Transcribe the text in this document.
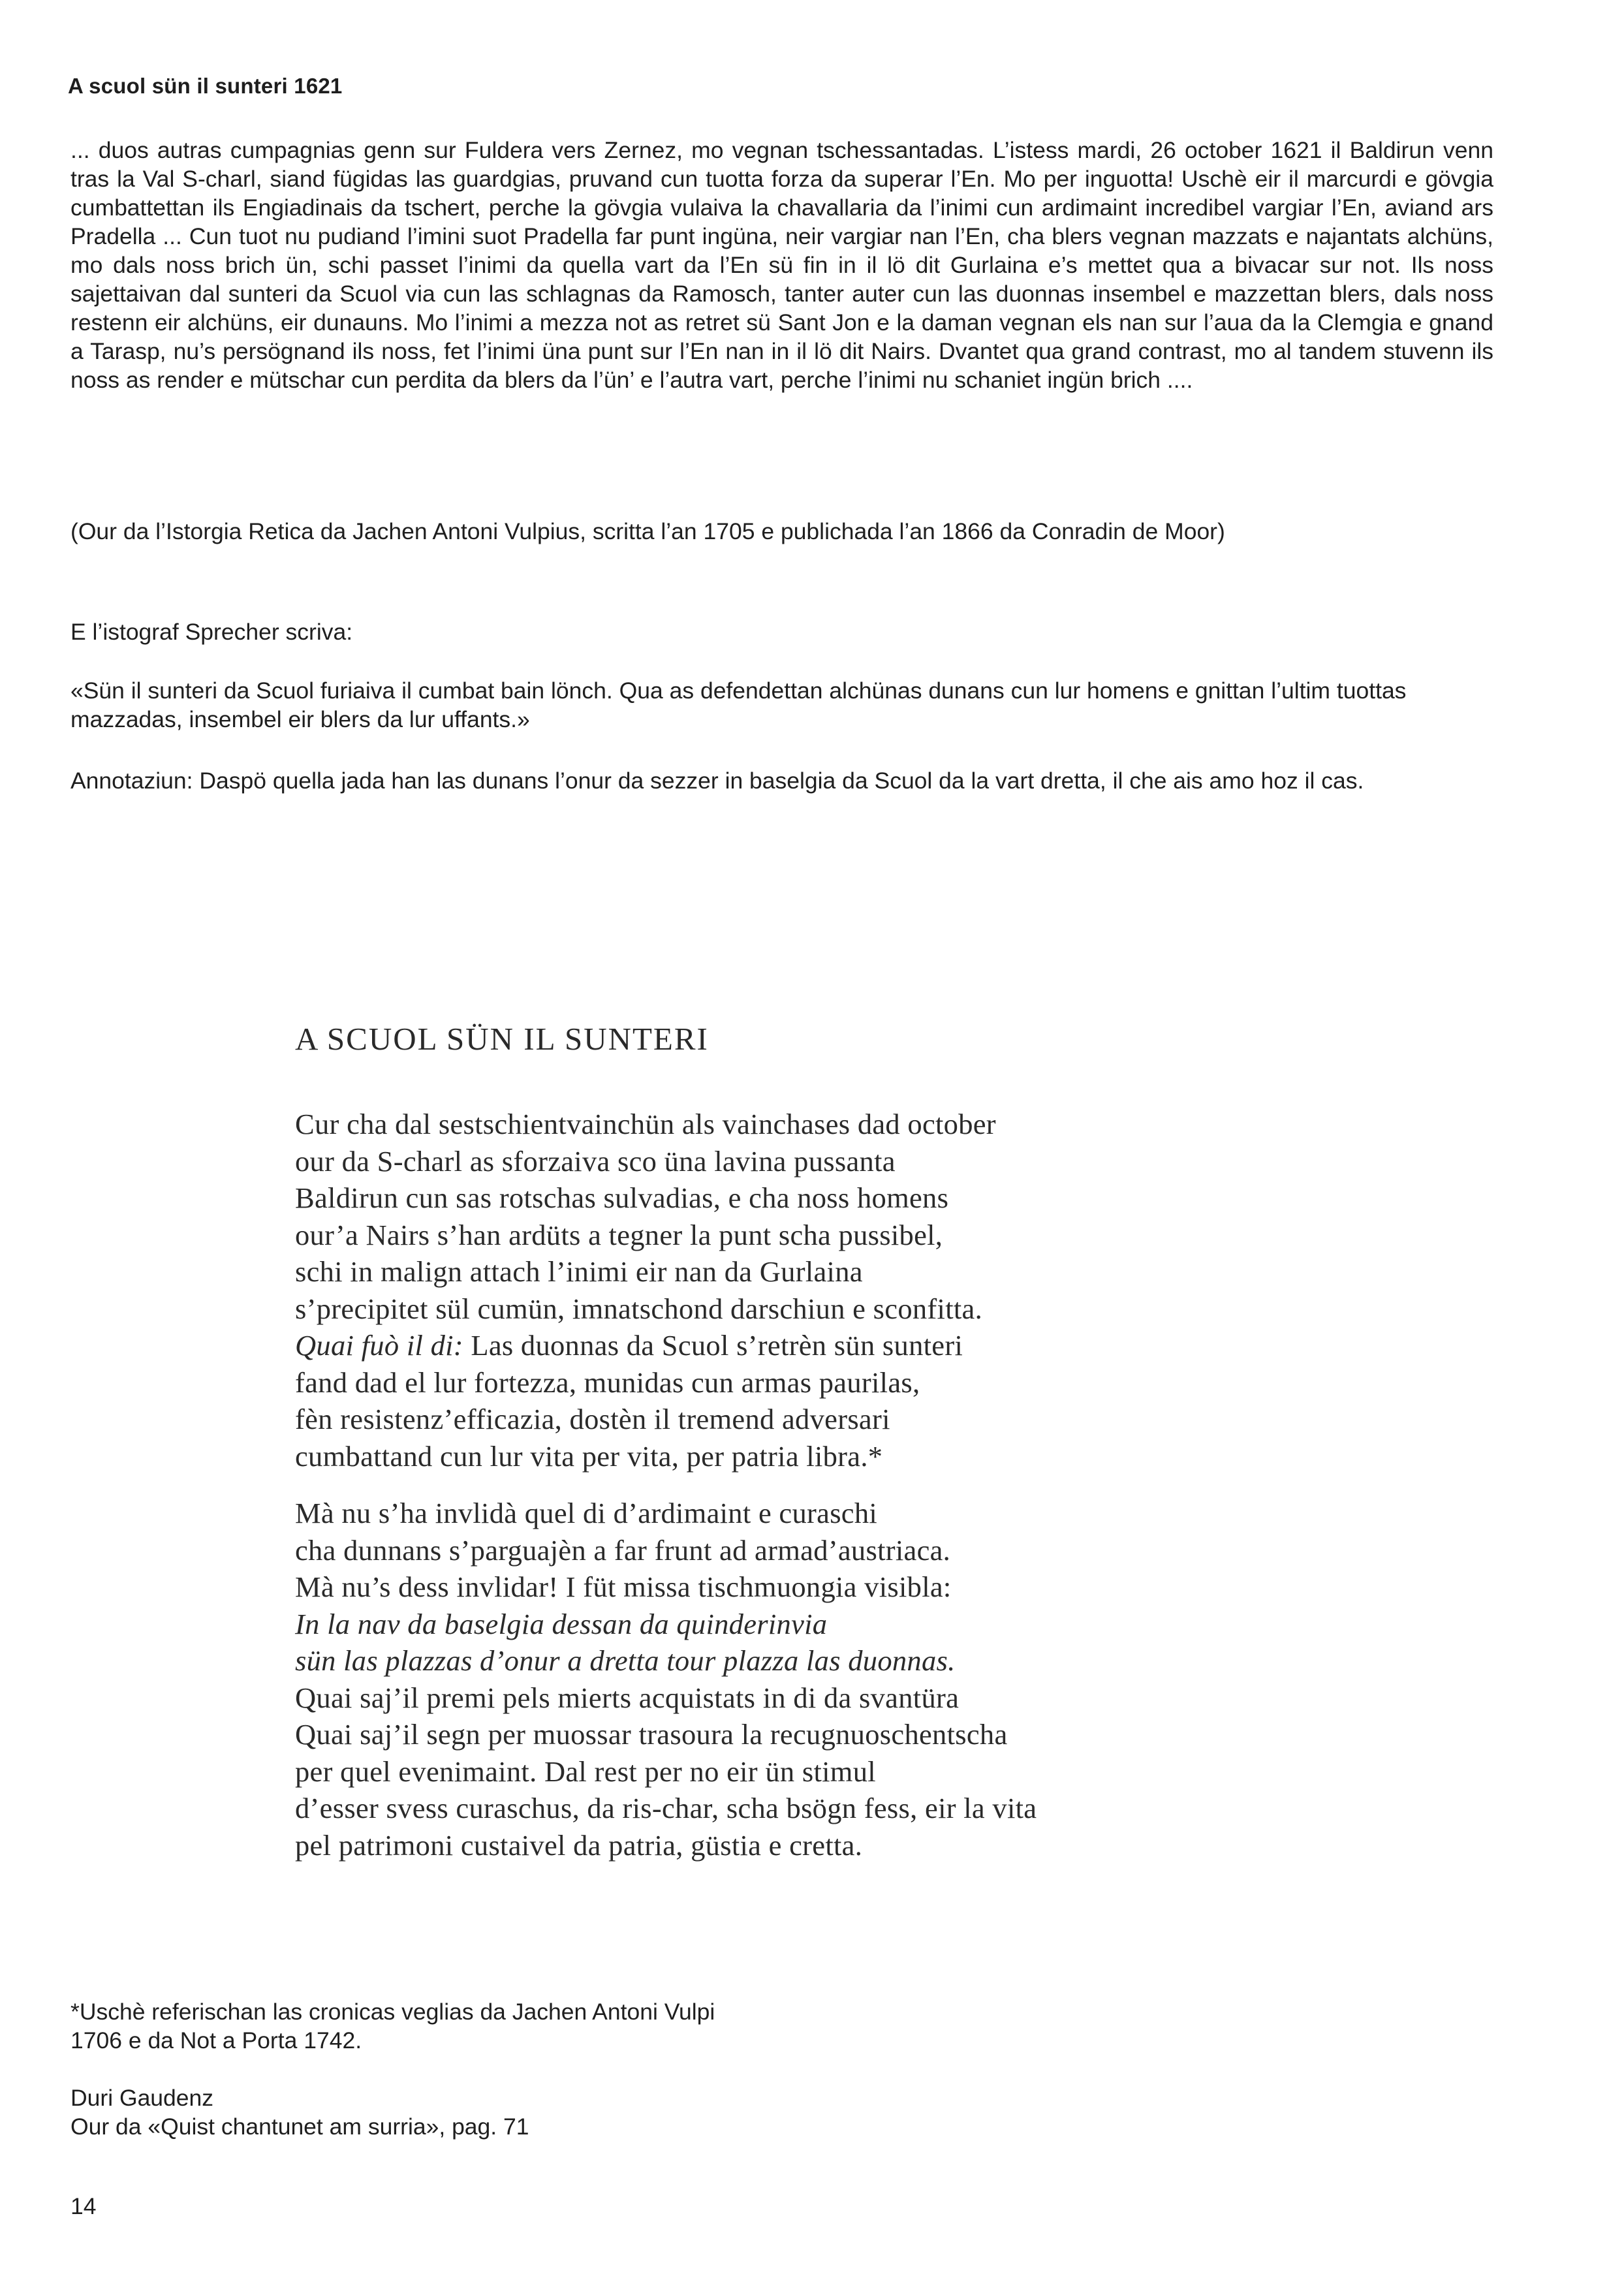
A scuol sün il sunteri 1621

... duos autras cumpagnias genn sur Fuldera vers Zernez, mo vegnan tschessantadas. L’istess mardi, 26 october 1621 il Baldirun venn tras la Val S-charl, siand fügidas las guardgias, pruvand cun tuotta forza da superar l’En. Mo per inguotta! Uschè eir il marcurdi e gövgia cumbattettan ils Engiadinais da tschert, perche la gövgia vulaiva la chavallaria da l’inimi cun ardimaint incredibel vargiar l’En, aviand ars Pradella ... Cun tuot nu pudiand l’imini suot Pradella far punt ingüna, neir vargiar nan l’En, cha blers vegnan mazzats e najantats alchüns, mo dals noss brich ün, schi passet l’inimi da quella vart da l’En sü fin in il lö dit Gurlaina e’s mettet qua a bivacar sur not. Ils noss sajettaivan dal sunteri da Scuol via cun las schlagnas da Ramosch, tanter auter cun las duonnas insembel e mazzettan blers, dals noss restenn eir alchüns, eir dunauns. Mo l’inimi a mezza not as retret sü Sant Jon e la daman vegnan els nan sur l’aua da la Clemgia e gnand a Tarasp, nu’s persögnand ils noss, fet l’inimi üna punt sur l’En nan in il lö dit Nairs. Dvantet qua grand contrast, mo al tandem stuvenn ils noss as render e mütschar cun perdita da blers da l’ün’ e l’autra vart, perche l’inimi nu schaniet ingün brich ....

(Our da l’Istorgia Retica da Jachen Antoni Vulpius, scritta l’an 1705 e publichada l’an 1866 da Conradin de Moor)

E l’istograf Sprecher scriva:

«Sün il sunteri da Scuol furiaiva il cumbat bain lönch. Qua as defendettan alchünas dunans cun lur homens e gnittan l’ultim tuottas mazzadas, insembel eir blers da lur uffants.»

Annotaziun: Daspö quella jada han las dunans l’onur da sezzer in baselgia da Scuol da la vart dretta, il che ais amo hoz il cas.

A SCUOL SÜN IL SUNTERI
Cur cha dal sestschientvainchün als vainchases dad october
our da S-charl as sforzaiva sco üna lavina pussanta
Baldirun cun sas rotschas sulvadias, e cha noss homens
our’a Nairs s’han ardüts a tegner la punt scha pussibel,
schi in malign attach l’inimi eir nan da Gurlaina
s’precipitet sül cumün, imnatschond darschiun e sconfitta.
Quai fuò il di: Las duonnas da Scuol s’retrèn sün sunteri
fand dad el lur fortezza, munidas cun armas paurilas,
fèn resistenz’efficazia, dostèn il tremend adversari
cumbattand cun lur vita per vita, per patria libra.*
Mà nu s’ha invlidà quel di d’ardimaint e curaschi
cha dunnans s’parguajèn a far frunt ad armad’austriaca.
Mà nu’s dess invlidar! I füt missa tischmuongia visibla:
In la nav da baselgia dessan da quinderinvia
sün las plazzas d’onur a dretta tour plazza las duonnas.
Quai saj’il premi pels mierts acquistats in di da svantüra
Quai saj’il segn per muossar trasoura la recugnuoschentscha
per quel evenimaint. Dal rest per no eir ün stimul
d’esser svess curaschus, da ris-char, scha bsögn fess, eir la vita
pel patrimoni custaivel da patria, güstia e cretta.
*Uschè referischan las cronicas veglias da Jachen Antoni Vulpi
1706 e da Not a Porta 1742.
Duri Gaudenz
Our da «Quist chantunet am surria», pag. 71

14
